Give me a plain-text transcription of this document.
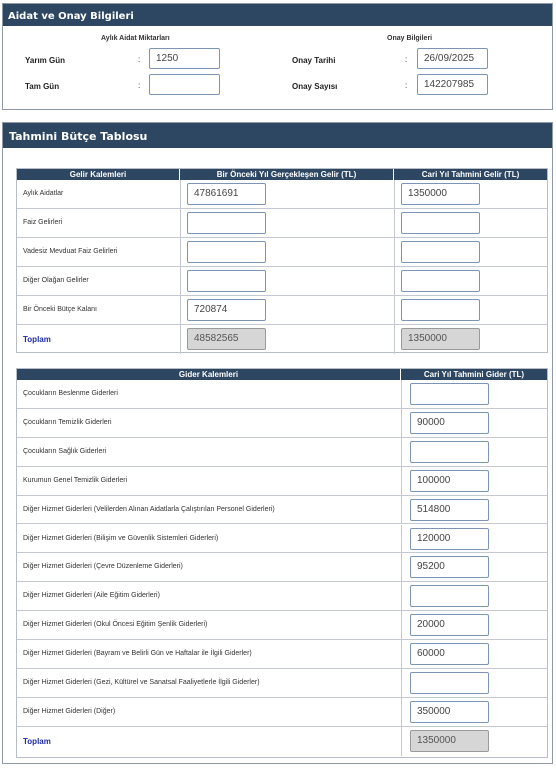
Aidat ve Onay Bilgileri
Aylık Aidat Miktarları	Onay Bilgileri
Yarım Gün	:	1250
Tam Gün	:
Onay Tarihi	:	26/09/2025
Onay Sayısı	:	142207985
Tahmini Bütçe Tablosu
Gelir Kalemleri	Bir Önceki Yıl Gerçekleşen Gelir (TL)	Cari Yıl Tahmini Gelir (TL)
Aylık Aidatlar	47861691	1350000
Faiz Gelirleri
Vadesiz Mevduat Faiz Gelirleri
Diğer Olağan Gelirler
Bir Önceki Bütçe Kalanı	720874
Toplam	48582565	1350000
Gider Kalemleri	Cari Yıl Tahmini Gider (TL)
Çocukların Beslenme Giderleri
Çocukların Temizlik Giderleri	90000
Çocukların Sağlık Giderleri
Kurumun Genel Temizlik Giderleri	100000
Diğer Hizmet Giderleri (Velilerden Alınan Aidatlarla Çalıştırılan Personel Giderleri)	514800
Diğer Hizmet Giderleri (Bilişim ve Güvenlik Sistemleri Giderleri)	120000
Diğer Hizmet Giderleri (Çevre Düzenleme Giderleri)	95200
Diğer Hizmet Giderleri (Aile Eğitim Giderleri)
Diğer Hizmet Giderleri (Okul Öncesi Eğitim Şenlik Giderleri)	20000
Diğer Hizmet Giderleri (Bayram ve Belirli Gün ve Haftalar ile İlgili Giderler)	60000
Diğer Hizmet Giderleri (Gezi, Kültürel ve Sanatsal Faaliyetlerle İlgili Giderler)
Diğer Hizmet Giderleri (Diğer)	350000
Toplam	1350000
